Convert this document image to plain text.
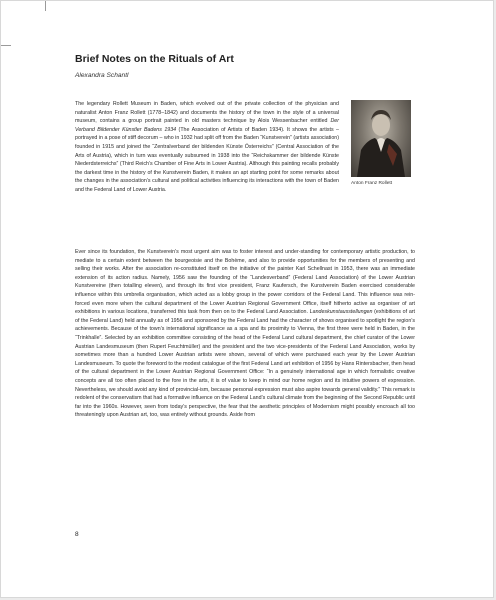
Brief Notes on the Rituals of Art
Alexandra Schantl

The legendary Rollett Museum in Baden, which evolved out of the private collection of the physician and naturalist Anton Franz Rollett (1778–1842) and documents the history of the town in the style of a universal museum, contains a group portrait painted in old masters technique by Alois Wessenbacher entitled Der Verband Bildender Künstler Badens 1934 (The Association of Artists of Baden 1934). It shows the artists – portrayed in a pose of stiff decorum – who in 1932 had split off from the Baden “Kunstverein” (artists association) founded in 1915 and joined the “Zentralverband der bildenden Künste Österreichs” (Central Association of the Arts of Austria), which in turn was eventually subsumed in 1938 into the “Reichskammer der bildende Künste Niederdsterreichs” (Third Reich’s Chamber of Fine Arts in Lower Austria). Although this painting recalls probably the darkest time in the history of the Kunstverein Baden, it makes an apt starting point for some remarks about the changes in the association’s cultural and political activities influencing its interactions with the town of Baden and the Federal Land of Lower Austria.

Anton Franz Rollett

Ever since its foundation, the Kunstverein’s most urgent aim was to foster interest and under-standing for contemporary artistic production, to mediate to a certain extent between the bourgeoisie and the Bohème, and also to provide opportunities for the members of presenting and selling their works. After the association re-constituted itself on the initiative of the painter Karl Schellnast in 1953, there was an immediate extension of its action radius. Namely, 1956 saw the founding of the “Landesverband” (Federal Land Association) of the Lower Austrian Kunstvereine (then totalling eleven), and through its first vice president, Franz Kaufersch, the Kunstverein Baden exercised considerable influence within this umbrella organisation, which acted as a lobby group in the power corridors of the Federal Land. This influence was rein-forced even more when the cultural department of the Lower Austrian Regional Government Office, itself hitherto active as organiser of art exhibitions in various locations, transferred this task from then on to the Federal Land Association. Landeskunstausstellungen (exhibitions of art of the Federal Land) held annually as of 1956 and sponsored by the Federal Land had the character of shows organised to spotlight the region’s achievements. Because of the town’s international significance as a spa and its proximity to Vienna, the first three were held in Baden, in the “Trinkhalle”. Selected by an exhibition committee consisting of the head of the Federal Land cultural department, the chief curator of the Lower Austrian Landesmuseum (then Rupert Feuchtmüller) and the president and the two vice-presidents of the Federal Land Association, works by sometimes more than a hundred Lower Austrian artists were shown, several of which were purchased each year by the Lower Austrian Landesmuseum. To quote the foreword to the modest catalogue of the first Federal Land art exhibition of 1956 by Hans Rintersbacher, then head of the cultural department in the Lower Austrian Regional Government Office: “In a genuinely international age in which formalistic creative concepts are all too often placed to the fore in the arts, it is of value to keep in mind our home region and its intuitive powers of expression. Nevertheless, we should avoid any kind of provincial-ism, because personal expression must also aspire towards general validity.” This remark is redolent of the conservatism that had a formative influence on the Federal Land’s cultural climate from the beginning of the Second Republic until far into the 1960s. However, seen from today’s perspective, the fear that the aesthetic principles of Modernism might possibly encroach all too threateningly upon Austrian art, too, was entirely without grounds. Aside from

8
